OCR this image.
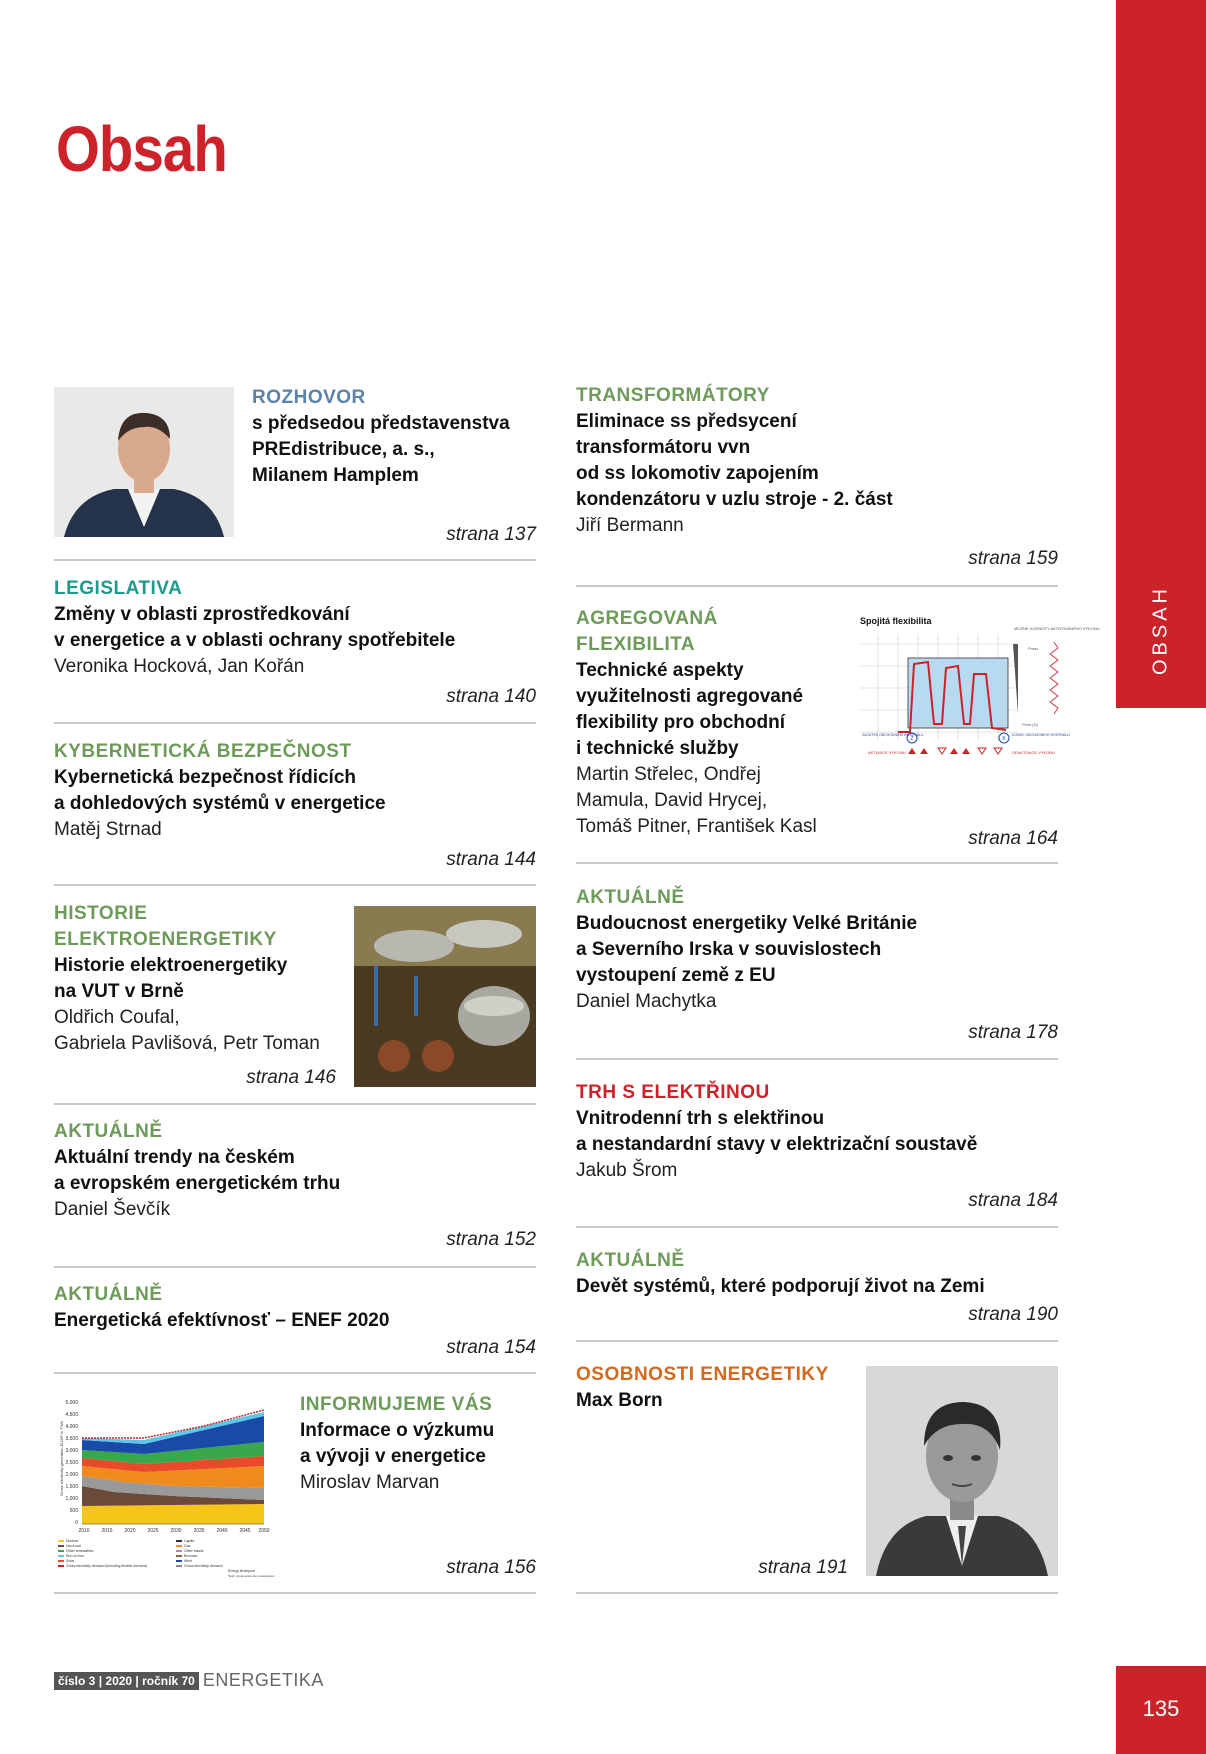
Obsah
OBSAH
ROZHOVOR
s předsedou představenstva
PREdistribuce, a. s.,
Milanem Hamplem
strana 137
LEGISLATIVA
Změny v oblasti zprostředkování
v energetice a v oblasti ochrany spotřebitele
Veronika Hocková, Jan Kořán
strana 140
KYBERNETICKÁ BEZPEČNOST
Kybernetická bezpečnost řídicích
a dohledových systémů v energetice
Matěj Strnad
strana 144
HISTORIE
ELEKTROENERGETIKY
Historie elektroenergetiky
na VUT v Brně
Oldřich Coufal,
Gabriela Pavlišová, Petr Toman
strana 146
AKTUÁLNĚ
Aktuální trendy na českém
a evropském energetickém trhu
Daniel Ševčík
strana 152
AKTUÁLNĚ
Energetická efektívnosť – ENEF 2020
strana 154
5,000
4,500
4,000
3,500
3,000
2,500
2,000
1,500
1,000
500
0
Gross electricity generation EU28* in TWh
2010 2015 2020 2025 2030 2035 2040 2045 2050
Nuclear
Hard coal
Other renewables
Run of river
Solar
Gross electricity demand (including flexible demand)
Lignite
Gas
Other fossils
Biomass
Wind
Gross electricity demand
Energy Brainpool
*Excl. gross economy consumption
INFORMUJEME VÁS
Informace o výzkumu
a vývoji v energetice
Miroslav Marvan
strana 156
TRANSFORMÁTORY
Eliminace ss předsycení
transformátoru vvn
od ss lokomotiv zapojením
kondenzátoru v uzlu stroje - 2. část
Jiří Bermann
strana 159
AGREGOVANÁ FLEXIBILITA
Technické aspekty
využitelnosti agregované
flexibility pro obchodní
i technické služby
Martin Střelec, Ondřej
Mamula, David Hrycej,
Tomáš Pitner, František Kasl
Spojitá flexibilita
MOŽNÉ HODNOTY AKTIVOVANÉHO VÝKONU
Pmax
Pmin (Ω)
Z	K
ZAČÁTEK OBCHODNÍHO INTERVALU	KONEC OBCHODNÍHO INTERVALU
AKTIVACE VÝKONU	DEAKTIVACE VÝKONU
strana 164
AKTUÁLNĚ
Budoucnost energetiky Velké Británie
a Severního Irska v souvislostech
vystoupení země z EU
Daniel Machytka
strana 178
TRH S ELEKTŘINOU
Vnitrodenní trh s elektřinou
a nestandardní stavy v elektrizační soustavě
Jakub Šrom
strana 184
AKTUÁLNĚ
Devět systémů, které podporují život na Zemi
strana 190
OSOBNOSTI ENERGETIKY
Max Born
strana 191
číslo 3 | 2020 | ročník 70 ENERGETIKA
135
